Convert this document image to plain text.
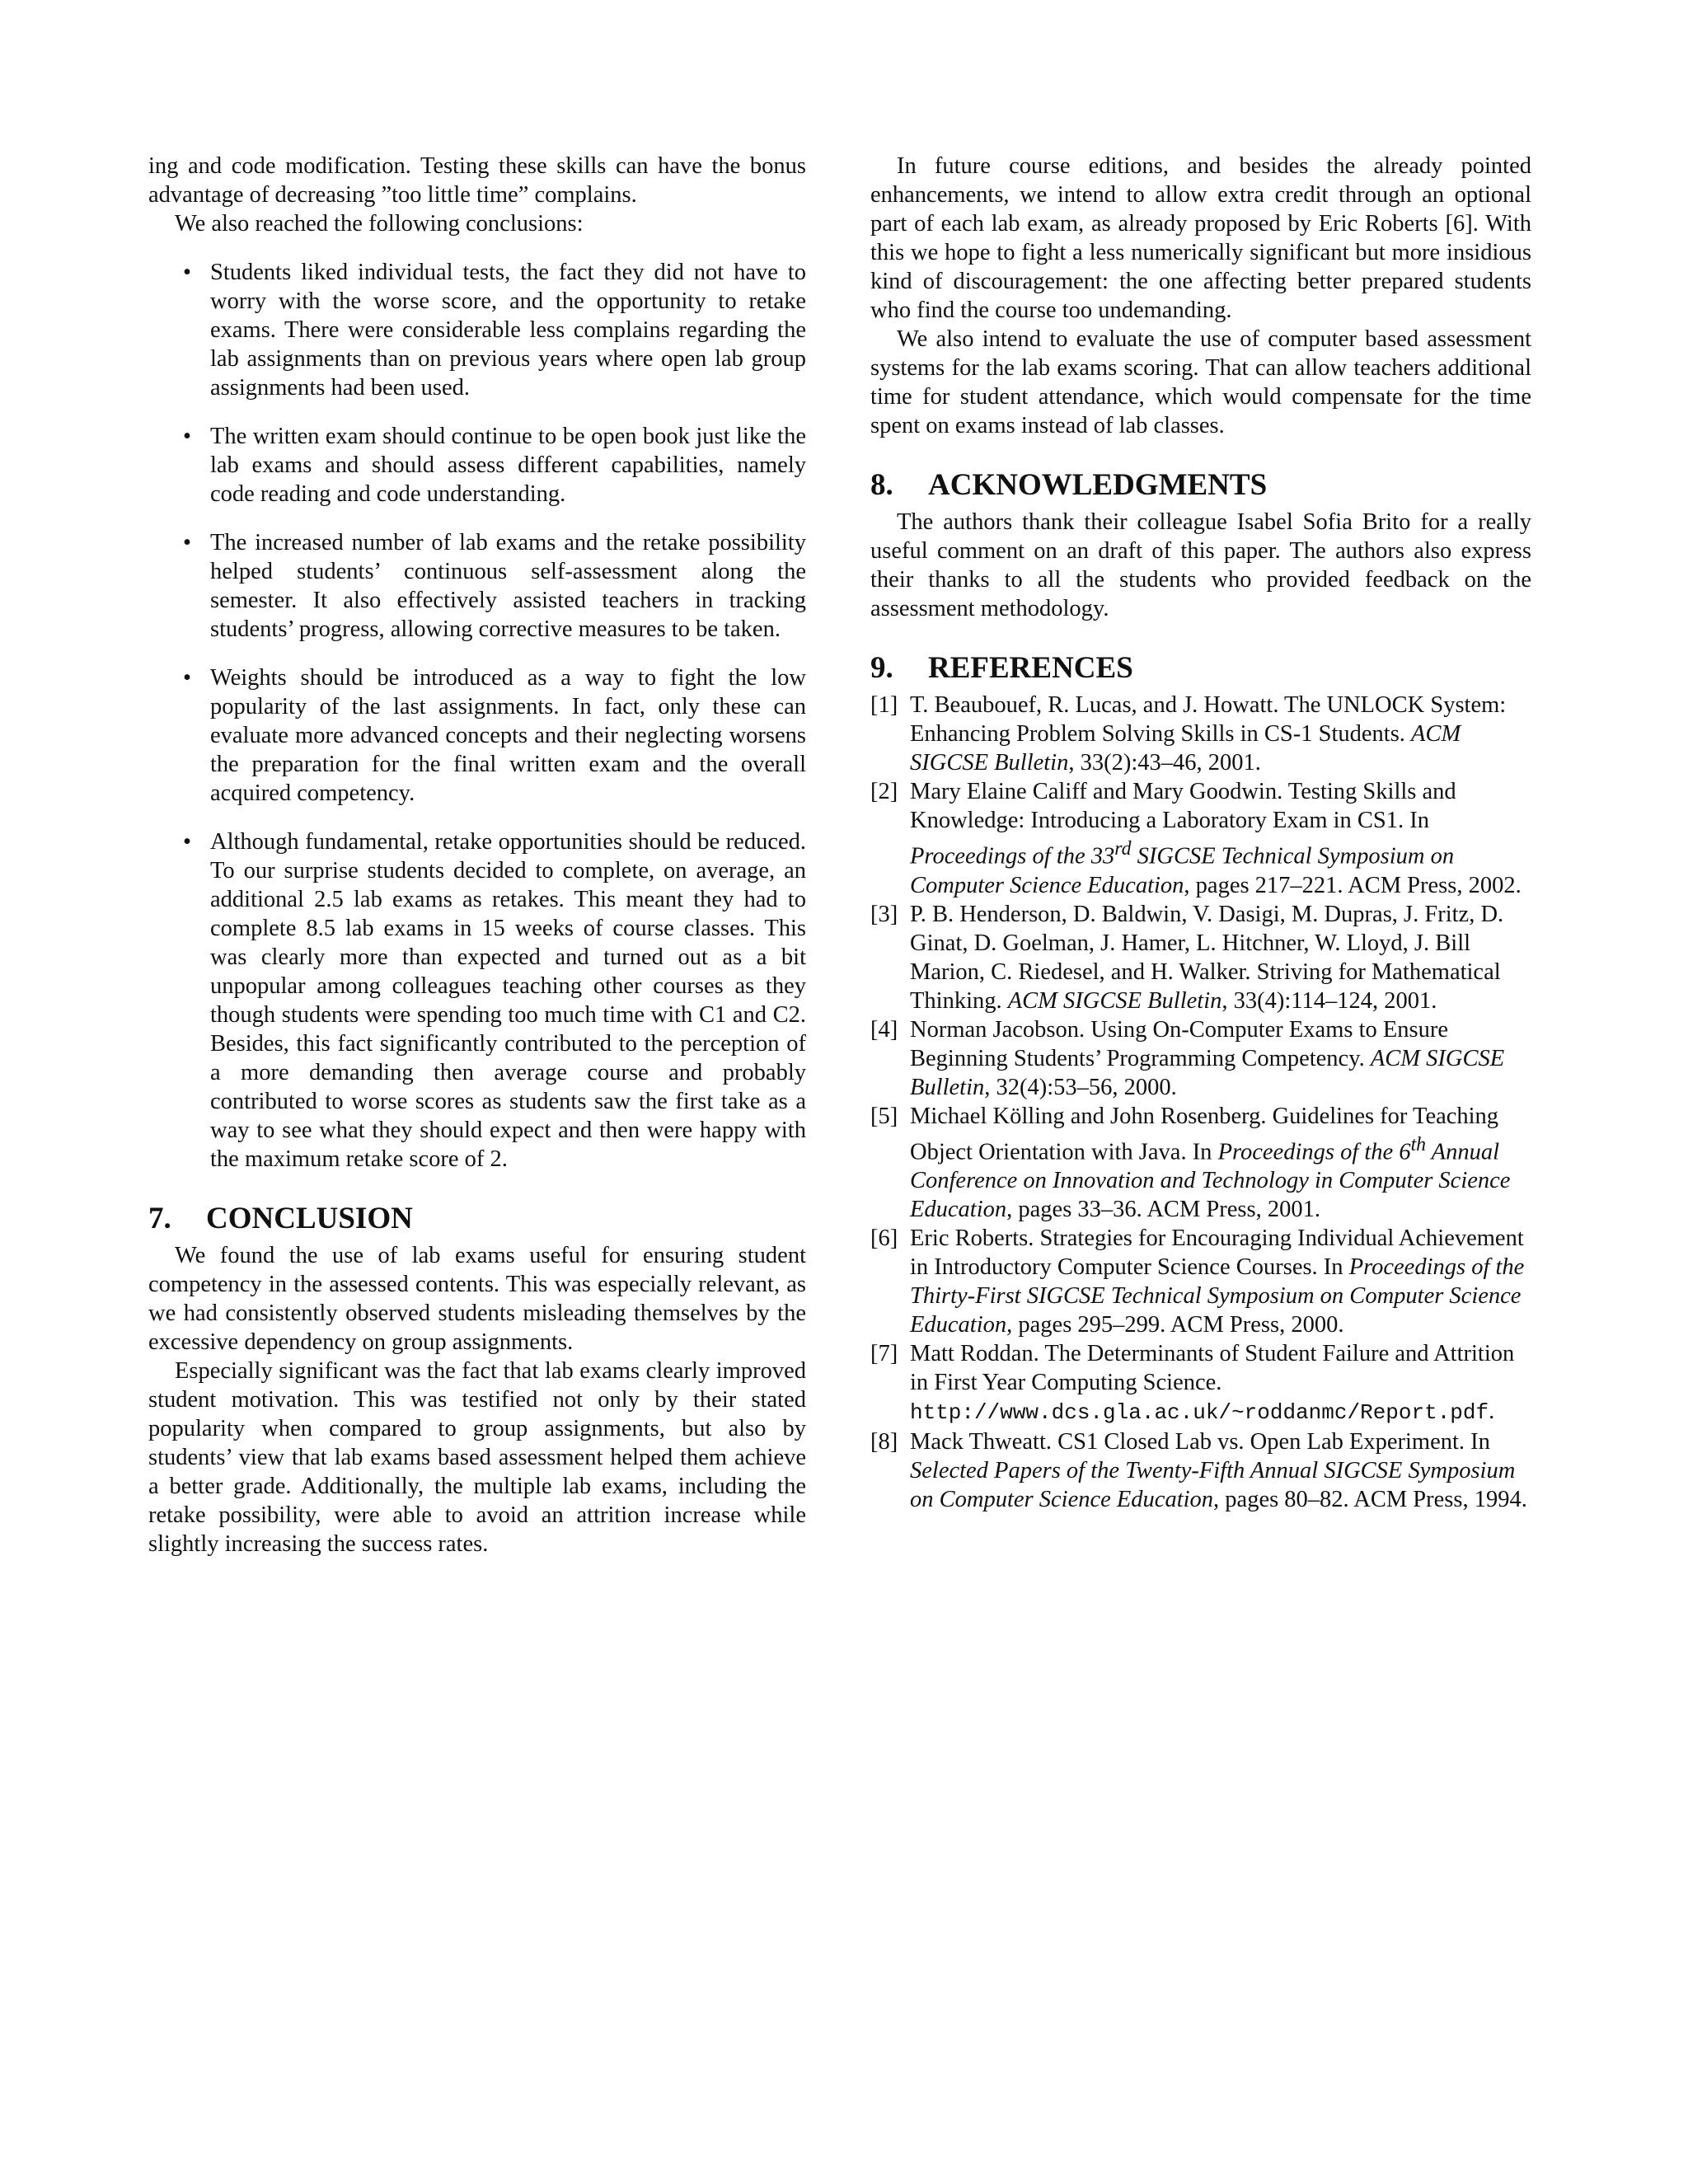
ing and code modification. Testing these skills can have the bonus advantage of decreasing ”too little time” complains.

We also reached the following conclusions:

• Students liked individual tests, the fact they did not have to worry with the worse score, and the opportunity to retake exams. There were considerable less complains regarding the lab assignments than on previous years where open lab group assignments had been used.
• The written exam should continue to be open book just like the lab exams and should assess different capabilities, namely code reading and code understanding.
• The increased number of lab exams and the retake possibility helped students’ continuous self-assessment along the semester. It also effectively assisted teachers in tracking students’ progress, allowing corrective measures to be taken.
• Weights should be introduced as a way to fight the low popularity of the last assignments. In fact, only these can evaluate more advanced concepts and their neglecting worsens the preparation for the final written exam and the overall acquired competency.
• Although fundamental, retake opportunities should be reduced. To our surprise students decided to complete, on average, an additional 2.5 lab exams as retakes. This meant they had to complete 8.5 lab exams in 15 weeks of course classes. This was clearly more than expected and turned out as a bit unpopular among colleagues teaching other courses as they though students were spending too much time with C1 and C2. Besides, this fact significantly contributed to the perception of a more demanding then average course and probably contributed to worse scores as students saw the first take as a way to see what they should expect and then were happy with the maximum retake score of 2.
7. CONCLUSION

We found the use of lab exams useful for ensuring student competency in the assessed contents. This was especially relevant, as we had consistently observed students misleading themselves by the excessive dependency on group assignments.

Especially significant was the fact that lab exams clearly improved student motivation. This was testified not only by their stated popularity when compared to group assignments, but also by students’ view that lab exams based assessment helped them achieve a better grade. Additionally, the multiple lab exams, including the retake possibility, were able to avoid an attrition increase while slightly increasing the success rates.

In future course editions, and besides the already pointed enhancements, we intend to allow extra credit through an optional part of each lab exam, as already proposed by Eric Roberts [6]. With this we hope to fight a less numerically significant but more insidious kind of discouragement: the one affecting better prepared students who find the course too undemanding.

We also intend to evaluate the use of computer based assessment systems for the lab exams scoring. That can allow teachers additional time for student attendance, which would compensate for the time spent on exams instead of lab classes.

8. ACKNOWLEDGMENTS

The authors thank their colleague Isabel Sofia Brito for a really useful comment on an draft of this paper. The authors also express their thanks to all the students who provided feedback on the assessment methodology.

9. REFERENCES
[1] T. Beaubouef, R. Lucas, and J. Howatt. The UNLOCK System: Enhancing Problem Solving Skills in CS-1 Students. ACM SIGCSE Bulletin, 33(2):43–46, 2001.
[2] Mary Elaine Califf and Mary Goodwin. Testing Skills and Knowledge: Introducing a Laboratory Exam in CS1. In Proceedings of the 33rd SIGCSE Technical Symposium on Computer Science Education, pages 217–221. ACM Press, 2002.
[3] P. B. Henderson, D. Baldwin, V. Dasigi, M. Dupras, J. Fritz, D. Ginat, D. Goelman, J. Hamer, L. Hitchner, W. Lloyd, J. Bill Marion, C. Riedesel, and H. Walker. Striving for Mathematical Thinking. ACM SIGCSE Bulletin, 33(4):114–124, 2001.
[4] Norman Jacobson. Using On-Computer Exams to Ensure Beginning Students’ Programming Competency. ACM SIGCSE Bulletin, 32(4):53–56, 2000.
[5] Michael Kölling and John Rosenberg. Guidelines for Teaching Object Orientation with Java. In Proceedings of the 6th Annual Conference on Innovation and Technology in Computer Science Education, pages 33–36. ACM Press, 2001.
[6] Eric Roberts. Strategies for Encouraging Individual Achievement in Introductory Computer Science Courses. In Proceedings of the Thirty-First SIGCSE Technical Symposium on Computer Science Education, pages 295–299. ACM Press, 2000.
[7] Matt Roddan. The Determinants of Student Failure and Attrition in First Year Computing Science. http://www.dcs.gla.ac.uk/~roddanmc/Report.pdf.
[8] Mack Thweatt. CS1 Closed Lab vs. Open Lab Experiment. In Selected Papers of the Twenty-Fifth Annual SIGCSE Symposium on Computer Science Education, pages 80–82. ACM Press, 1994.
